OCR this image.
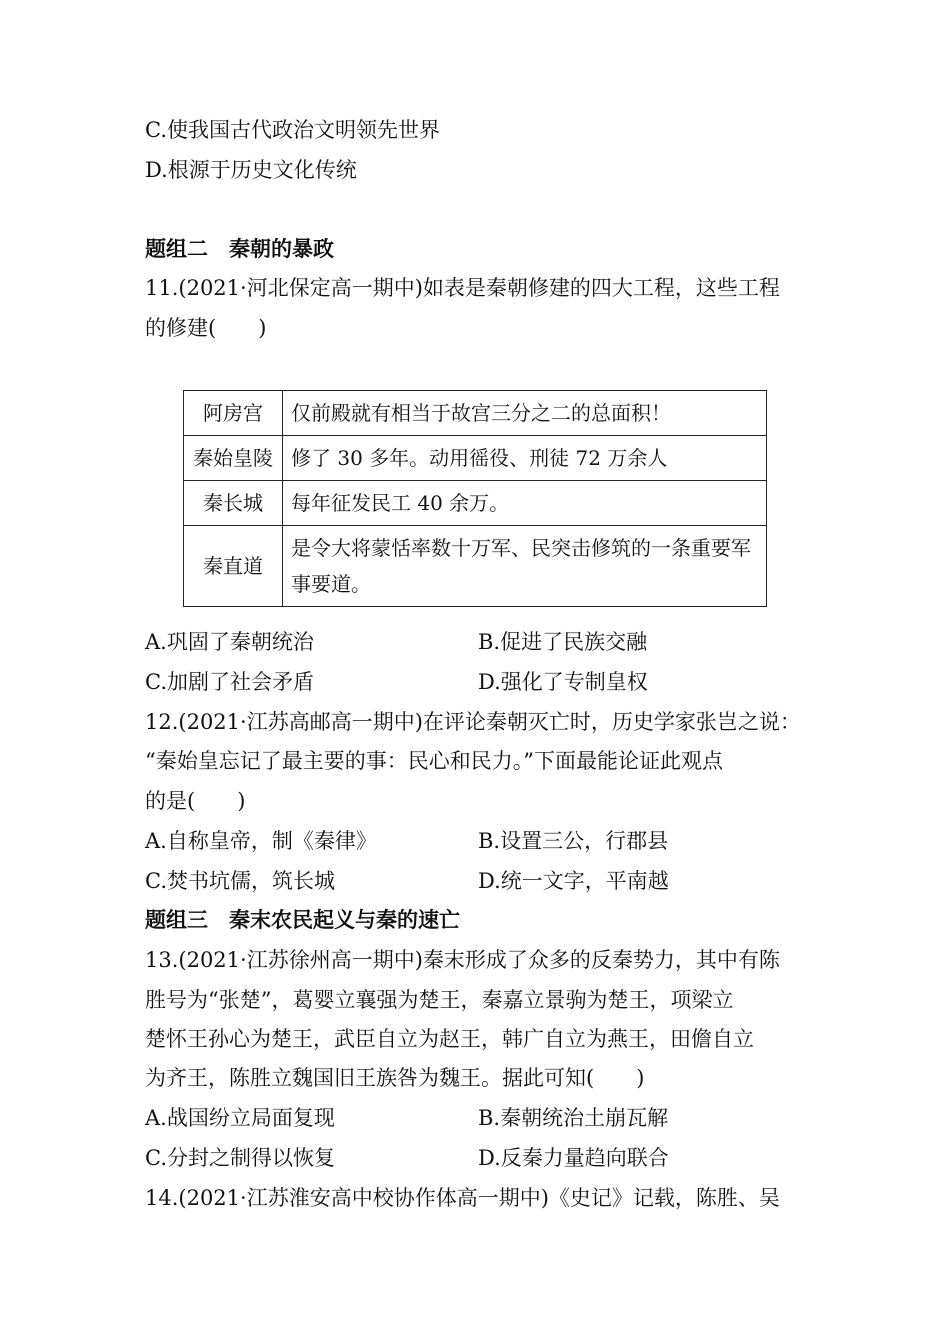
C.使我国古代政治文明领先世界
D.根源于历史文化传统
题组二　秦朝的暴政
11.(2021·河北保定高一期中)如表是秦朝修建的四大工程，这些工程
的修建(　　)
阿房宫	仅前殿就有相当于故宫三分之二的总面积！
秦始皇陵	修了 30 多年。动用徭役、刑徒 72 万余人
秦长城	每年征发民工 40 余万。
秦直道	是令大将蒙恬率数十万军、民突击修筑的一条重要军事要道。
A.巩固了秦朝统治	B.促进了民族交融
C.加剧了社会矛盾	D.强化了专制皇权
12.(2021·江苏高邮高一期中)在评论秦朝灭亡时，历史学家张岂之说：
“秦始皇忘记了最主要的事：民心和民力。”下面最能论证此观点
的是(　　)
A.自称皇帝，制《秦律》	B.设置三公，行郡县
C.焚书坑儒，筑长城	D.统一文字，平南越
题组三　秦末农民起义与秦的速亡
13.(2021·江苏徐州高一期中)秦末形成了众多的反秦势力，其中有陈
胜号为“张楚”，葛婴立襄强为楚王，秦嘉立景驹为楚王，项梁立
楚怀王孙心为楚王，武臣自立为赵王，韩广自立为燕王，田儋自立
为齐王，陈胜立魏国旧王族咎为魏王。据此可知(　　)
A.战国纷立局面复现	B.秦朝统治土崩瓦解
C.分封之制得以恢复	D.反秦力量趋向联合
14.(2021·江苏淮安高中校协作体高一期中)《史记》记载，陈胜、吴
